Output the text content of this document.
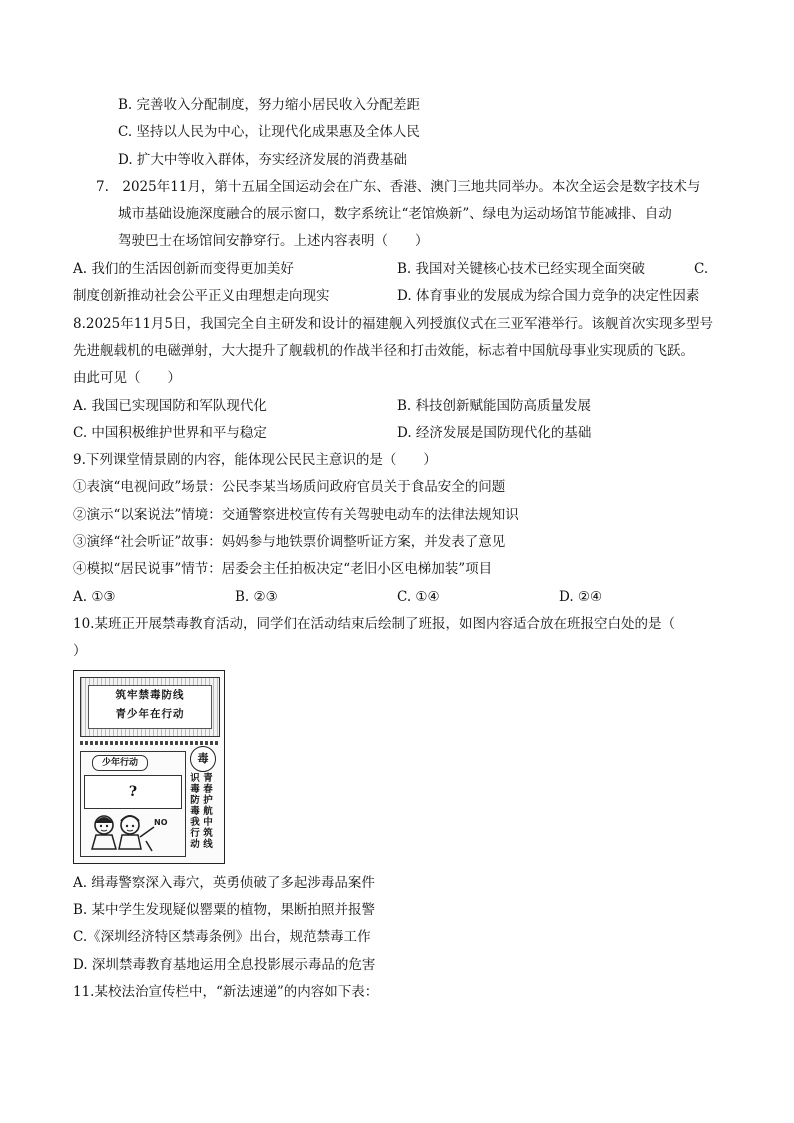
B. 完善收入分配制度，努力缩小居民收入分配差距
C. 坚持以人民为中心，让现代化成果惠及全体人民
D. 扩大中等收入群体，夯实经济发展的消费基础
7.　2025年11月，第十五届全国运动会在广东、香港、澳门三地共同举办。本次全运会是数字技术与
城市基础设施深度融合的展示窗口，数字系统让“老馆焕新”、绿电为运动场馆节能减排、自动
驾驶巴士在场馆间安静穿行。上述内容表明（　　）
A. 我们的生活因创新而变得更加美好	B. 我国对关键核心技术已经实现全面突破	C.
制度创新推动社会公平正义由理想走向现实	D. 体育事业的发展成为综合国力竞争的决定性因素
8.2025年11月5日，我国完全自主研发和设计的福建舰入列授旗仪式在三亚军港举行。该舰首次实现多型号
先进舰载机的电磁弹射，大大提升了舰载机的作战半径和打击效能，标志着中国航母事业实现质的飞跃。
由此可见（　　）
A. 我国已实现国防和军队现代化	B. 科技创新赋能国防高质量发展
C. 中国积极维护世界和平与稳定	D. 经济发展是国防现代化的基础
9.下列课堂情景剧的内容，能体现公民民主意识的是（　　）
①表演“电视问政”场景：公民李某当场质问政府官员关于食品安全的问题
②演示“以案说法”情境：交通警察进校宣传有关驾驶电动车的法律法规知识
③演绎“社会听证”故事：妈妈参与地铁票价调整听证方案，并发表了意见
④模拟“居民说事”情节：居委会主任拍板决定“老旧小区电梯加装”项目
A. ①③	B. ②③	C. ①④	D. ②④
10.某班正开展禁毒教育活动，同学们在活动结束后绘制了班报，如图内容适合放在班报空白处的是（
）
筑牢禁毒防线
青少年在行动
少年行动
?
毒
青春护航中筑线
识毒防毒我行动
NO
A. 缉毒警察深入毒穴，英勇侦破了多起涉毒品案件
B. 某中学生发现疑似罂粟的植物，果断拍照并报警
C.《深圳经济特区禁毒条例》出台，规范禁毒工作
D. 深圳禁毒教育基地运用全息投影展示毒品的危害
11.某校法治宣传栏中，“新法速递”的内容如下表：
